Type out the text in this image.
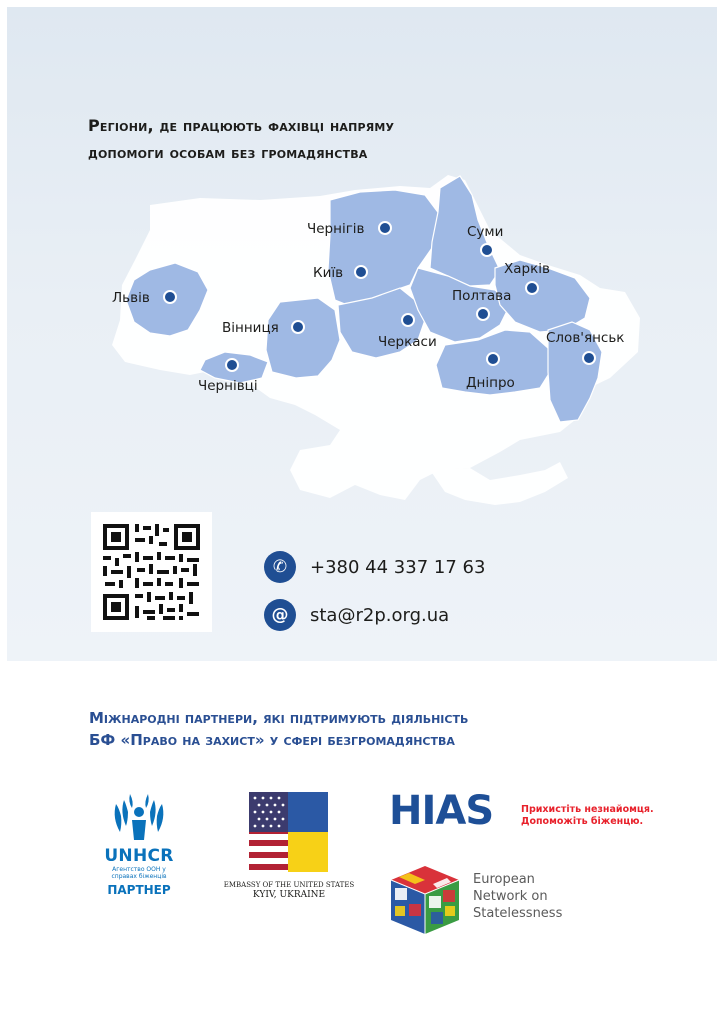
Регіони, де працюють фахівці напряму
допомоги особам без громадянства
Чернігів	Суми
Київ	Харків
Львів	Полтава
Вінниця
Черкаси	Слов'янськ
Чернівці	Дніпро
✆	+380 44 337 17 63
@	sta@r2p.org.ua
Міжнародні партнери, які підтримують діяльність
БФ «Право на захист» у сфері безгромадянства
UNHCR
Агентство ООН у
справах біженців
ПАРТНЕР	EMBASSY OF THE UNITED STATES
KYIV, UKRAINE
HIAS	Прихистіть незнайомця.
Допоможіть біженцю.
European
Network on
Statelessness
